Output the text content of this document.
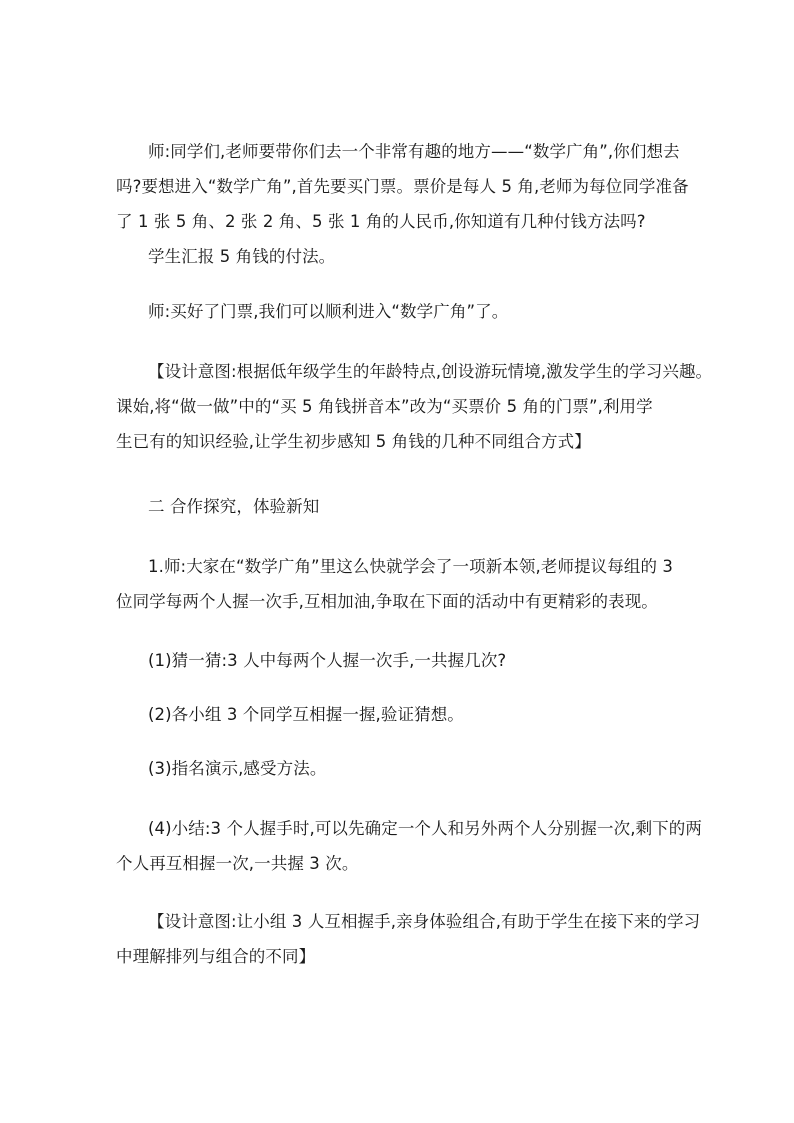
师:同学们,老师要带你们去一个非常有趣的地方——“数学广角”,你们想去
吗?要想进入“数学广角”,首先要买门票。票价是每人 5 角,老师为每位同学准备
了 1 张 5 角、2 张 2 角、5 张 1 角的人民币,你知道有几种付钱方法吗?
学生汇报 5 角钱的付法。
师:买好了门票,我们可以顺利进入“数学广角”了。
【设计意图:根据低年级学生的年龄特点,创设游玩情境,激发学生的学习兴趣。
课始,将“做一做”中的“买 5 角钱拼音本”改为“买票价 5 角的门票”,利用学
生已有的知识经验,让学生初步感知 5 角钱的几种不同组合方式】
二 合作探究，体验新知
1.师:大家在“数学广角”里这么快就学会了一项新本领,老师提议每组的 3
位同学每两个人握一次手,互相加油,争取在下面的活动中有更精彩的表现。
(1)猜一猜:3 人中每两个人握一次手,一共握几次?
(2)各小组 3 个同学互相握一握,验证猜想。
(3)指名演示,感受方法。
(4)小结:3 个人握手时,可以先确定一个人和另外两个人分别握一次,剩下的两
个人再互相握一次,一共握 3 次。
【设计意图:让小组 3 人互相握手,亲身体验组合,有助于学生在接下来的学习
中理解排列与组合的不同】
